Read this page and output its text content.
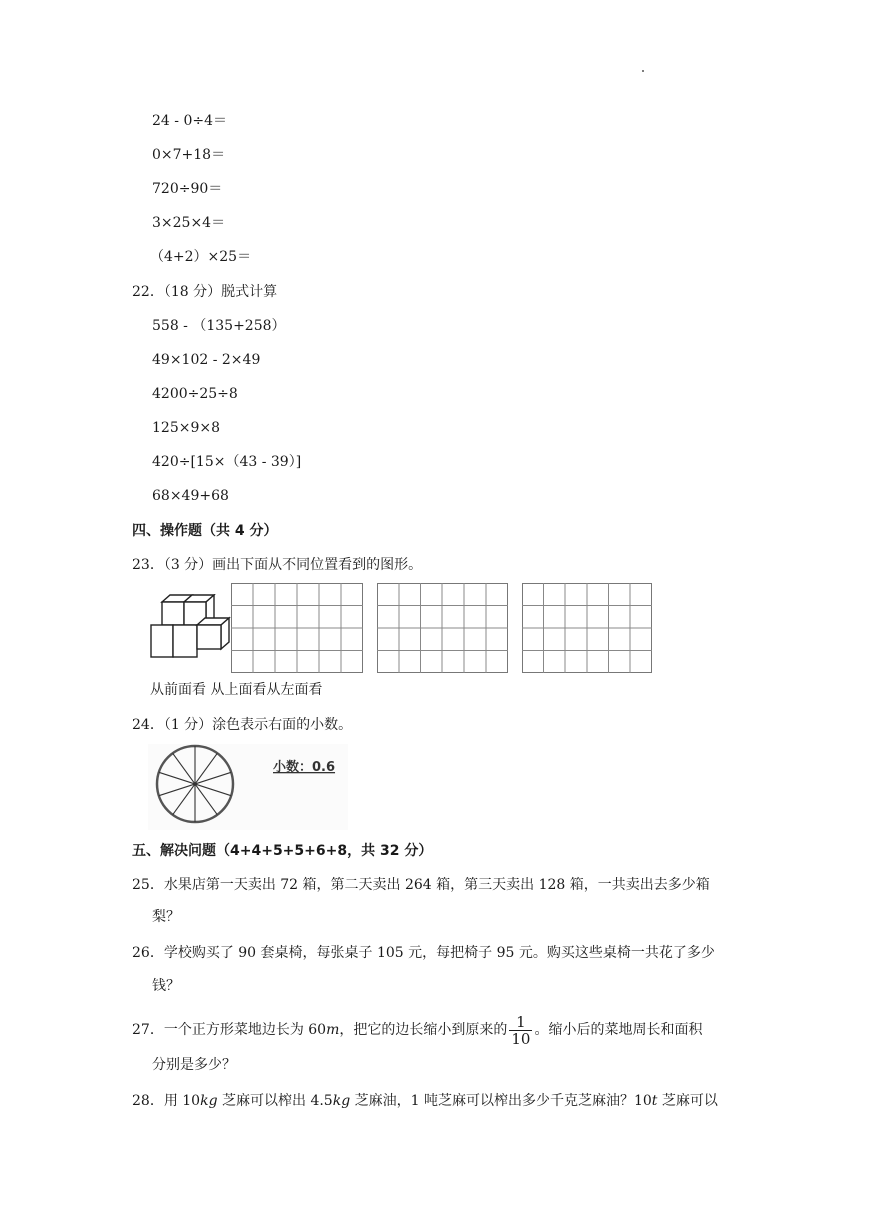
24 - 0÷4＝
0×7+18＝
720÷90＝
3×25×4＝
（4+2）×25＝
22．（18 分）脱式计算
558 - （135+258）
49×102 - 2×49
4200÷25÷8
125×9×8
420÷[15×（43 - 39）]
68×49+68
四、操作题（共 4 分）
23．（3 分）画出下面从不同位置看到的图形。
从前面看 从上面看从左面看
24．（1 分）涂色表示右面的小数。
小数：0.6
五、解决问题（4+4+5+5+6+8，共 32 分）
25．水果店第一天卖出 72 箱，第二天卖出 264 箱，第三天卖出 128 箱，一共卖出去多少箱
梨？
26．学校购买了 90 套桌椅，每张桌子 105 元，每把椅子 95 元。购买这些桌椅一共花了多少
钱？
27．一个正方形菜地边长为 60m，把它的边长缩小到原来的 $\frac{1}{10}$ 。缩小后的菜地周长和面积
分别是多少？
28．用 10kg 芝麻可以榨出 4.5kg 芝麻油，1 吨芝麻可以榨出多少千克芝麻油？10t 芝麻可以
